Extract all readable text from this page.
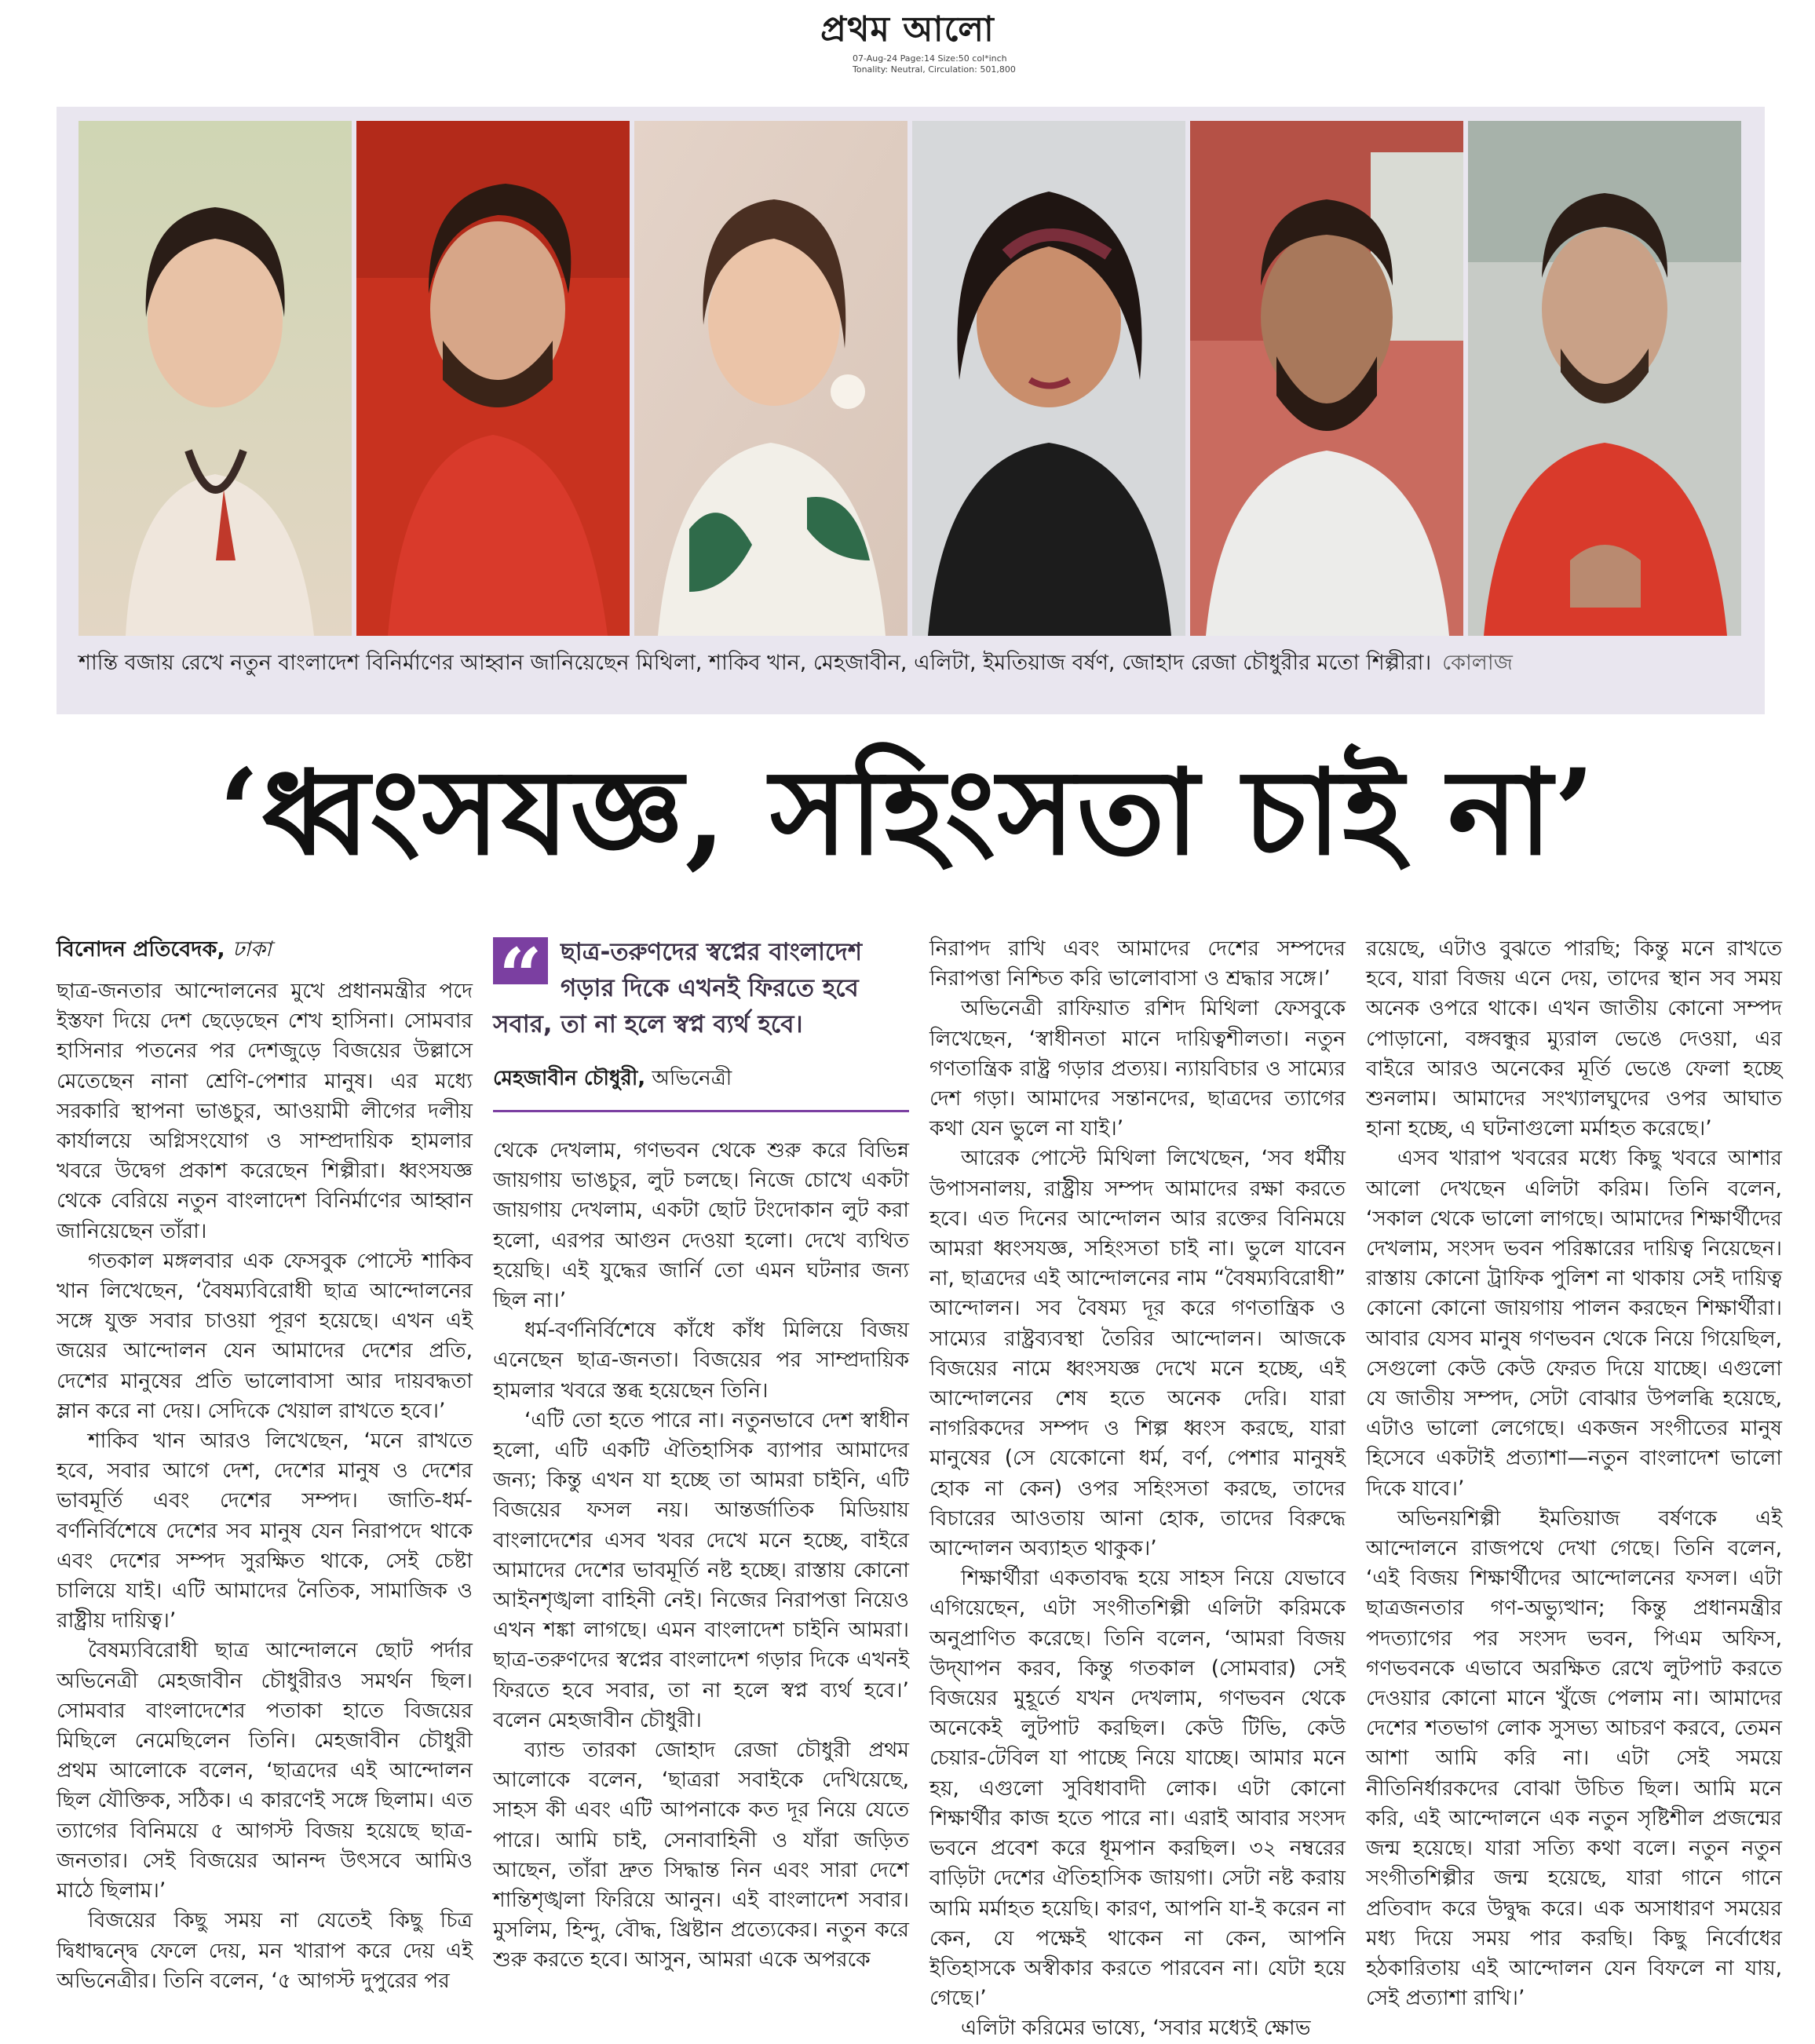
প্রথম আলো
07-Aug-24 Page:14 Size:50 col*inch
Tonality: Neutral, Circulation: 501,800
শান্তি বজায় রেখে নতুন বাংলাদেশ বিনির্মাণের আহ্বান জানিয়েছেন মিথিলা, শাকিব খান, মেহজাবীন, এলিটা, ইমতিয়াজ বর্ষণ, জোহাদ রেজা চৌধুরীর মতো শিল্পীরা। কোলাজ
‘ধ্বংসযজ্ঞ, সহিংসতা চাই না’
বিনোদন প্রতিবেদক, ঢাকা

ছাত্র-জনতার আন্দোলনের মুখে প্রধানমন্ত্রীর পদে ইস্তফা দিয়ে দেশ ছেড়েছেন শেখ হাসিনা। সোমবার হাসিনার পতনের পর দেশজুড়ে বিজয়ের উল্লাসে মেতেছেন নানা শ্রেণি-পেশার মানুষ। এর মধ্যে সরকারি স্থাপনা ভাঙচুর, আওয়ামী লীগের দলীয় কার্যালয়ে অগ্নিসংযোগ ও সাম্প্রদায়িক হামলার খবরে উদ্বেগ প্রকাশ করেছেন শিল্পীরা। ধ্বংসযজ্ঞ থেকে বেরিয়ে নতুন বাংলাদেশ বিনির্মাণের আহ্বান জানিয়েছেন তাঁরা।

গতকাল মঙ্গলবার এক ফেসবুক পোস্টে শাকিব খান লিখেছেন, ‘বৈষম্যবিরোধী ছাত্র আন্দোলনের সঙ্গে যুক্ত সবার চাওয়া পূরণ হয়েছে। এখন এই জয়ের আন্দোলন যেন আমাদের দেশের প্রতি, দেশের মানুষের প্রতি ভালোবাসা আর দায়বদ্ধতা ম্লান করে না দেয়। সেদিকে খেয়াল রাখতে হবে।’

শাকিব খান আরও লিখেছেন, ‘মনে রাখতে হবে, সবার আগে দেশ, দেশের মানুষ ও দেশের ভাবমূর্তি এবং দেশের সম্পদ। জাতি-ধর্ম-বর্ণনির্বিশেষে দেশের সব মানুষ যেন নিরাপদে থাকে এবং দেশের সম্পদ সুরক্ষিত থাকে, সেই চেষ্টা চালিয়ে যাই। এটি আমাদের নৈতিক, সামাজিক ও রাষ্ট্রীয় দায়িত্ব।’

বৈষম্যবিরোধী ছাত্র আন্দোলনে ছোট পর্দার অভিনেত্রী মেহজাবীন চৌধুরীরও সমর্থন ছিল। সোমবার বাংলাদেশের পতাকা হাতে বিজয়ের মিছিলে নেমেছিলেন তিনি। মেহজাবীন চৌধুরী প্রথম আলোকে বলেন, ‘ছাত্রদের এই আন্দোলন ছিল যৌক্তিক, সঠিক। এ কারণেই সঙ্গে ছিলাম। এত ত্যাগের বিনিময়ে ৫ আগস্ট বিজয় হয়েছে ছাত্র-জনতার। সেই বিজয়ের আনন্দ উৎসবে আমিও মাঠে ছিলাম।’

বিজয়ের কিছু সময় না যেতেই কিছু চিত্র দ্বিধাদ্বন্দ্বে ফেলে দেয়, মন খারাপ করে দেয় এই অভিনেত্রীর। তিনি বলেন, ‘৫ আগস্ট দুপুরের পর

“ ছাত্র-তরুণদের স্বপ্নের বাংলাদেশ গড়ার দিকে এখনই ফিরতে হবে সবার, তা না হলে স্বপ্ন ব্যর্থ হবে।
মেহজাবীন চৌধুরী, অভিনেত্রী

থেকে দেখলাম, গণভবন থেকে শুরু করে বিভিন্ন জায়গায় ভাঙচুর, লুট চলছে। নিজে চোখে একটা জায়গায় দেখলাম, একটা ছোট টংদোকান লুট করা হলো, এরপর আগুন দেওয়া হলো। দেখে ব্যথিত হয়েছি। এই যুদ্ধের জার্নি তো এমন ঘটনার জন্য ছিল না।’

ধর্ম-বর্ণনির্বিশেষে কাঁধে কাঁধ মিলিয়ে বিজয় এনেছেন ছাত্র-জনতা। বিজয়ের পর সাম্প্রদায়িক হামলার খবরে স্তব্ধ হয়েছেন তিনি।

‘এটি তো হতে পারে না। নতুনভাবে দেশ স্বাধীন হলো, এটি একটি ঐতিহাসিক ব্যাপার আমাদের জন্য; কিন্তু এখন যা হচ্ছে তা আমরা চাইনি, এটি বিজয়ের ফসল নয়। আন্তর্জাতিক মিডিয়ায় বাংলাদেশের এসব খবর দেখে মনে হচ্ছে, বাইরে আমাদের দেশের ভাবমূর্তি নষ্ট হচ্ছে। রাস্তায় কোনো আইনশৃঙ্খলা বাহিনী নেই। নিজের নিরাপত্তা নিয়েও এখন শঙ্কা লাগছে। এমন বাংলাদেশ চাইনি আমরা। ছাত্র-তরুণদের স্বপ্নের বাংলাদেশ গড়ার দিকে এখনই ফিরতে হবে সবার, তা না হলে স্বপ্ন ব্যর্থ হবে।’ বলেন মেহজাবীন চৌধুরী।

ব্যান্ড তারকা জোহাদ রেজা চৌধুরী প্রথম আলোকে বলেন, ‘ছাত্ররা সবাইকে দেখিয়েছে, সাহস কী এবং এটি আপনাকে কত দূর নিয়ে যেতে পারে। আমি চাই, সেনাবাহিনী ও যাঁরা জড়িত আছেন, তাঁরা দ্রুত সিদ্ধান্ত নিন এবং সারা দেশে শান্তিশৃঙ্খলা ফিরিয়ে আনুন। এই বাংলাদেশ সবার। মুসলিম, হিন্দু, বৌদ্ধ, খ্রিষ্টান প্রত্যেকের। নতুন করে শুরু করতে হবে। আসুন, আমরা একে অপরকে

নিরাপদ রাখি এবং আমাদের দেশের সম্পদের নিরাপত্তা নিশ্চিত করি ভালোবাসা ও শ্রদ্ধার সঙ্গে।’

অভিনেত্রী রাফিয়াত রশিদ মিথিলা ফেসবুকে লিখেছেন, ‘স্বাধীনতা মানে দায়িত্বশীলতা। নতুন গণতান্ত্রিক রাষ্ট্র গড়ার প্রত্যয়। ন্যায়বিচার ও সাম্যের দেশ গড়া। আমাদের সন্তানদের, ছাত্রদের ত্যাগের কথা যেন ভুলে না যাই।’

আরেক পোস্টে মিথিলা লিখেছেন, ‘সব ধর্মীয় উপাসনালয়, রাষ্ট্রীয় সম্পদ আমাদের রক্ষা করতে হবে। এত দিনের আন্দোলন আর রক্তের বিনিময়ে আমরা ধ্বংসযজ্ঞ, সহিংসতা চাই না। ভুলে যাবেন না, ছাত্রদের এই আন্দোলনের নাম “বৈষম্যবিরোধী” আন্দোলন। সব বৈষম্য দূর করে গণতান্ত্রিক ও সাম্যের রাষ্ট্রব্যবস্থা তৈরির আন্দোলন। আজকে বিজয়ের নামে ধ্বংসযজ্ঞ দেখে মনে হচ্ছে, এই আন্দোলনের শেষ হতে অনেক দেরি। যারা নাগরিকদের সম্পদ ও শিল্প ধ্বংস করছে, যারা মানুষের (সে যেকোনো ধর্ম, বর্ণ, পেশার মানুষই হোক না কেন) ওপর সহিংসতা করছে, তাদের বিচারের আওতায় আনা হোক, তাদের বিরুদ্ধে আন্দোলন অব্যাহত থাকুক।’

শিক্ষার্থীরা একতাবদ্ধ হয়ে সাহস নিয়ে যেভাবে এগিয়েছেন, এটা সংগীতশিল্পী এলিটা করিমকে অনুপ্রাণিত করেছে। তিনি বলেন, ‘আমরা বিজয় উদ্‌যাপন করব, কিন্তু গতকাল (সোমবার) সেই বিজয়ের মুহূর্তে যখন দেখলাম, গণভবন থেকে অনেকেই লুটপাট করছিল। কেউ টিভি, কেউ চেয়ার-টেবিল যা পাচ্ছে নিয়ে যাচ্ছে। আমার মনে হয়, এগুলো সুবিধাবাদী লোক। এটা কোনো শিক্ষার্থীর কাজ হতে পারে না। এরাই আবার সংসদ ভবনে প্রবেশ করে ধূমপান করছিল। ৩২ নম্বরের বাড়িটা দেশের ঐতিহাসিক জায়গা। সেটা নষ্ট করায় আমি মর্মাহত হয়েছি। কারণ, আপনি যা-ই করেন না কেন, যে পক্ষেই থাকেন না কেন, আপনি ইতিহাসকে অস্বীকার করতে পারবেন না। যেটা হয়ে গেছে।’

এলিটা করিমের ভাষ্যে, ‘সবার মধ্যেই ক্ষোভ

রয়েছে, এটাও বুঝতে পারছি; কিন্তু মনে রাখতে হবে, যারা বিজয় এনে দেয়, তাদের স্থান সব সময় অনেক ওপরে থাকে। এখন জাতীয় কোনো সম্পদ পোড়ানো, বঙ্গবন্ধুর ম্যুরাল ভেঙে দেওয়া, এর বাইরে আরও অনেকের মূর্তি ভেঙে ফেলা হচ্ছে শুনলাম। আমাদের সংখ্যালঘুদের ওপর আঘাত হানা হচ্ছে, এ ঘটনাগুলো মর্মাহত করেছে।’

এসব খারাপ খবরের মধ্যে কিছু খবরে আশার আলো দেখছেন এলিটা করিম। তিনি বলেন, ‘সকাল থেকে ভালো লাগছে। আমাদের শিক্ষার্থীদের দেখলাম, সংসদ ভবন পরিষ্কারের দায়িত্ব নিয়েছেন। রাস্তায় কোনো ট্রাফিক পুলিশ না থাকায় সেই দায়িত্ব কোনো কোনো জায়গায় পালন করছেন শিক্ষার্থীরা। আবার যেসব মানুষ গণভবন থেকে নিয়ে গিয়েছিল, সেগুলো কেউ কেউ ফেরত দিয়ে যাচ্ছে। এগুলো যে জাতীয় সম্পদ, সেটা বোঝার উপলব্ধি হয়েছে, এটাও ভালো লেগেছে। একজন সংগীতের মানুষ হিসেবে একটাই প্রত্যাশা—নতুন বাংলাদেশ ভালো দিকে যাবে।’

অভিনয়শিল্পী ইমতিয়াজ বর্ষণকে এই আন্দোলনে রাজপথে দেখা গেছে। তিনি বলেন, ‘এই বিজয় শিক্ষার্থীদের আন্দোলনের ফসল। এটা ছাত্রজনতার গণ-অভ্যুত্থান; কিন্তু প্রধানমন্ত্রীর পদত্যাগের পর সংসদ ভবন, পিএম অফিস, গণভবনকে এভাবে অরক্ষিত রেখে লুটপাট করতে দেওয়ার কোনো মানে খুঁজে পেলাম না। আমাদের দেশের শতভাগ লোক সুসভ্য আচরণ করবে, তেমন আশা আমি করি না। এটা সেই সময়ে নীতিনির্ধারকদের বোঝা উচিত ছিল। আমি মনে করি, এই আন্দোলনে এক নতুন সৃষ্টিশীল প্রজন্মের জন্ম হয়েছে। যারা সত্যি কথা বলে। নতুন নতুন সংগীতশিল্পীর জন্ম হয়েছে, যারা গানে গানে প্রতিবাদ করে উদ্বুদ্ধ করে। এক অসাধারণ সময়ের মধ্য দিয়ে সময় পার করছি। কিছু নির্বোধের হঠকারিতায় এই আন্দোলন যেন বিফলে না যায়, সেই প্রত্যাশা রাখি।’
